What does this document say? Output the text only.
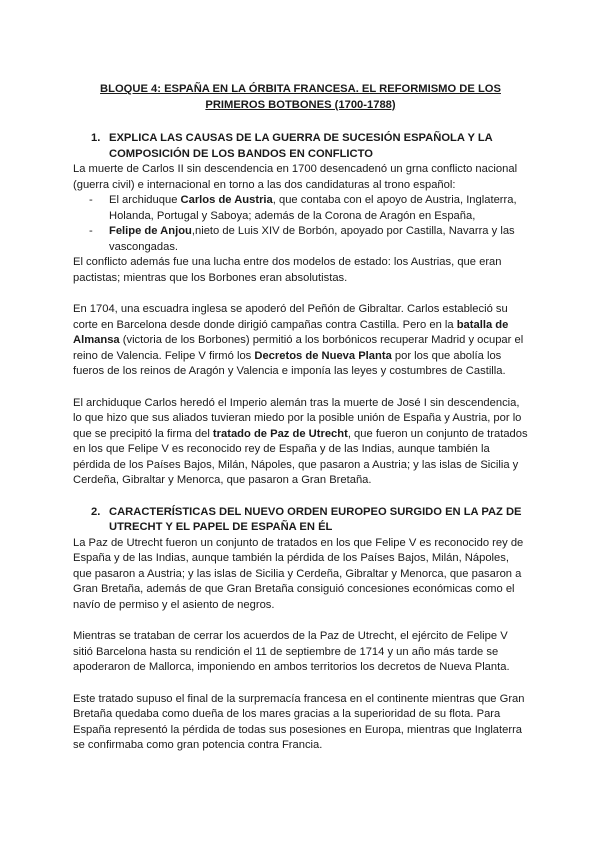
BLOQUE 4: ESPAÑA EN LA ÓRBITA FRANCESA. EL REFORMISMO DE LOS PRIMEROS BOTBONES (1700-1788)
1. EXPLICA LAS CAUSAS DE LA GUERRA DE SUCESIÓN ESPAÑOLA Y LA COMPOSICIÓN DE LOS BANDOS EN CONFLICTO

La muerte de Carlos II sin descendencia en 1700 desencadenó un grna conflicto nacional (guerra civil) e internacional en torno a las dos candidaturas al trono español:

- El archiduque Carlos de Austria, que contaba con el apoyo de Austria, Inglaterra, Holanda, Portugal y Saboya; además de la Corona de Aragón en España,
- Felipe de Anjou,nieto de Luis XIV de Borbón, apoyado por Castilla, Navarra y las vascongadas.

El conflicto además fue una lucha entre dos modelos de estado: los Austrias, que eran pactistas; mientras que los Borbones eran absolutistas.

En 1704, una escuadra inglesa se apoderó del Peñón de Gibraltar. Carlos estableció su corte en Barcelona desde donde dirigió campañas contra Castilla. Pero en la batalla de Almansa (victoria de los Borbones) permitió a los borbónicos recuperar Madrid y ocupar el reino de Valencia. Felipe V firmó los Decretos de Nueva Planta por los que abolía los fueros de los reinos de Aragón y Valencia e imponía las leyes y costumbres de Castilla.

El archiduque Carlos heredó el Imperio alemán tras la muerte de José I sin descendencia, lo que hizo que sus aliados tuvieran miedo por la posible unión de España y Austria, por lo que se precipitó la firma del tratado de Paz de Utrecht, que fueron un conjunto de tratados en los que Felipe V es reconocido rey de España y de las Indias, aunque también la pérdida de los Países Bajos, Milán, Nápoles, que pasaron a Austria; y las islas de Sicilia y Cerdeña, Gibraltar y Menorca, que pasaron a Gran Bretaña.

2. CARACTERÍSTICAS DEL NUEVO ORDEN EUROPEO SURGIDO EN LA PAZ DE UTRECHT Y EL PAPEL DE ESPAÑA EN ÉL

La Paz de Utrecht fueron un conjunto de tratados en los que Felipe V es reconocido rey de España y de las Indias, aunque también la pérdida de los Países Bajos, Milán, Nápoles, que pasaron a Austria; y las islas de Sicilia y Cerdeña, Gibraltar y Menorca, que pasaron a Gran Bretaña, además de que Gran Bretaña consiguió concesiones económicas como el navío de permiso y el asiento de negros.

Mientras se trataban de cerrar los acuerdos de la Paz de Utrecht, el ejército de Felipe V sitió Barcelona hasta su rendición el 11 de septiembre de 1714 y un año más tarde se apoderaron de Mallorca, imponiendo en ambos territorios los decretos de Nueva Planta.

Este tratado supuso el final de la surpremacía francesa en el continente mientras que Gran Bretaña quedaba como dueña de los mares gracias a la superioridad de su flota. Para España representó la pérdida de todas sus posesiones en Europa, mientras que Inglaterra se confirmaba como gran potencia contra Francia.
